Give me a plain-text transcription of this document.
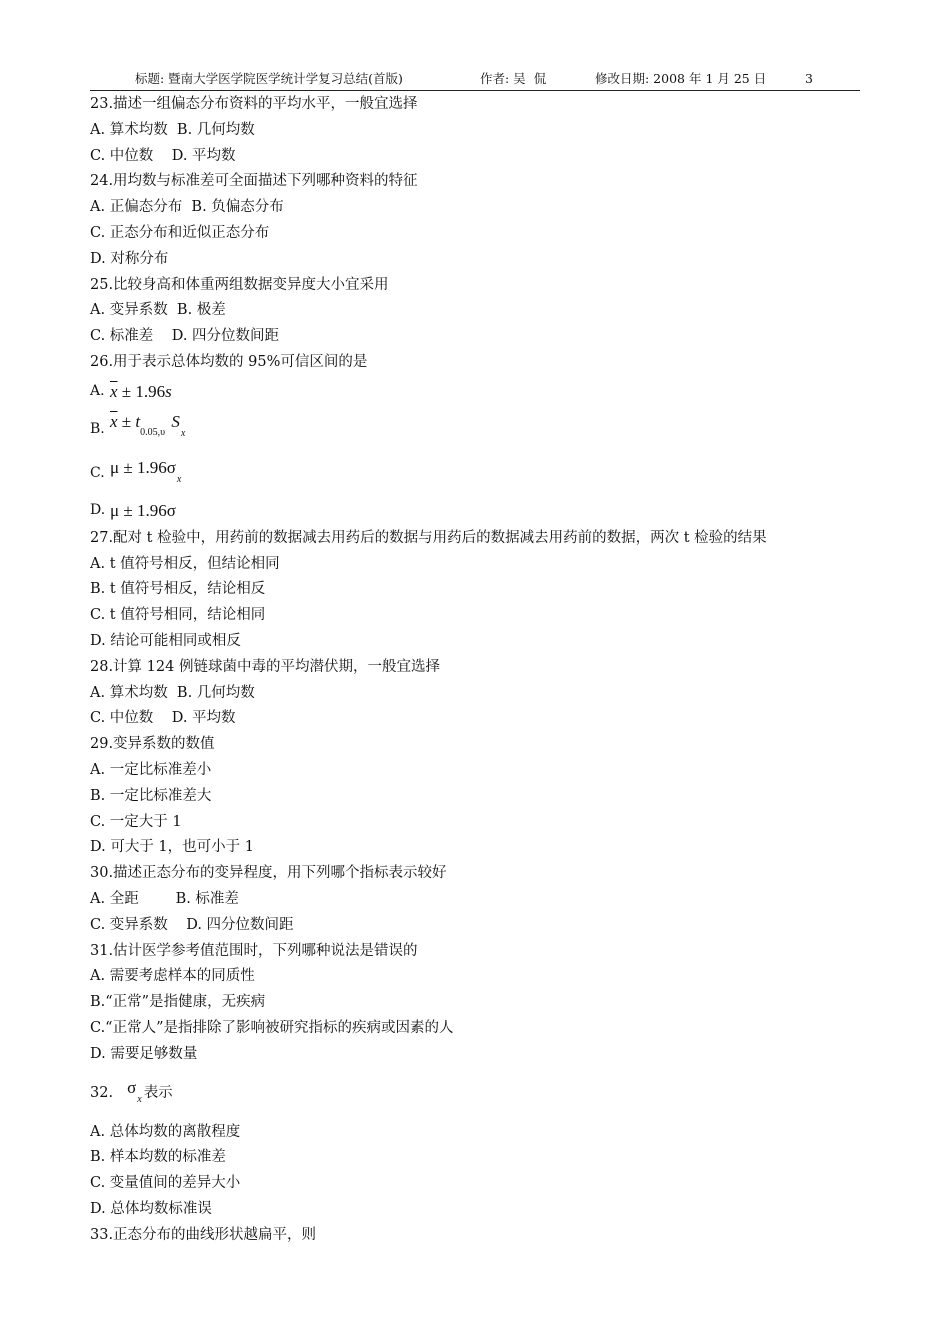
标题: 暨南大学医学院医学统计学复习总结(首版)

	作者: 吴  侃

	修改日期: 2008 年 1 月 25 日

	3

23.描述一组偏态分布资料的平均水平，一般宜选择
A. 算术均数  B. 几何均数
C. 中位数    D. 平均数
24.用均数与标准差可全面描述下列哪种资料的特征
A. 正偏态分布  B. 负偏态分布
C. 正态分布和近似正态分布
D. 对称分布
25.比较身高和体重两组数据变异度大小宜采用
A. 变异系数  B. 极差
C. 标准差    D. 四分位数间距
26.用于表示总体均数的 95%可信区间的是
A. $\overline{x} \pm 1.96s$
B. $\overline{x} \pm t_{0.05,\upsilon}$ $S_x$
C. $\mu \pm 1.96\sigma_x$
D. μ ± 1.96σ
27.配对 t 检验中，用药前的数据减去用药后的数据与用药后的数据减去用药前的数据，两次 t 检验的结果
A. t 值符号相反，但结论相同
B. t 值符号相反，结论相反
C. t 值符号相同，结论相同
D. 结论可能相同或相反
28.计算 124 例链球菌中毒的平均潜伏期，一般宜选择
A. 算术均数  B. 几何均数
C. 中位数    D. 平均数
29.变异系数的数值
A. 一定比标准差小
B. 一定比标准差大
C. 一定大于 1
D. 可大于 1，也可小于 1
30.描述正态分布的变异程度，用下列哪个指标表示较好
A. 全距        B. 标准差
C. 变异系数    D. 四分位数间距
31.估计医学参考值范围时，下列哪种说法是错误的
A. 需要考虑样本的同质性
B.“正常”是指健康，无疾病
C.“正常人”是指排除了影响被研究指标的疾病或因素的人
D. 需要足够数量
32. $\sigma_x$ 表示
A. 总体均数的离散程度
B. 样本均数的标准差
C. 变量值间的差异大小
D. 总体均数标准误
33.正态分布的曲线形状越扁平，则
